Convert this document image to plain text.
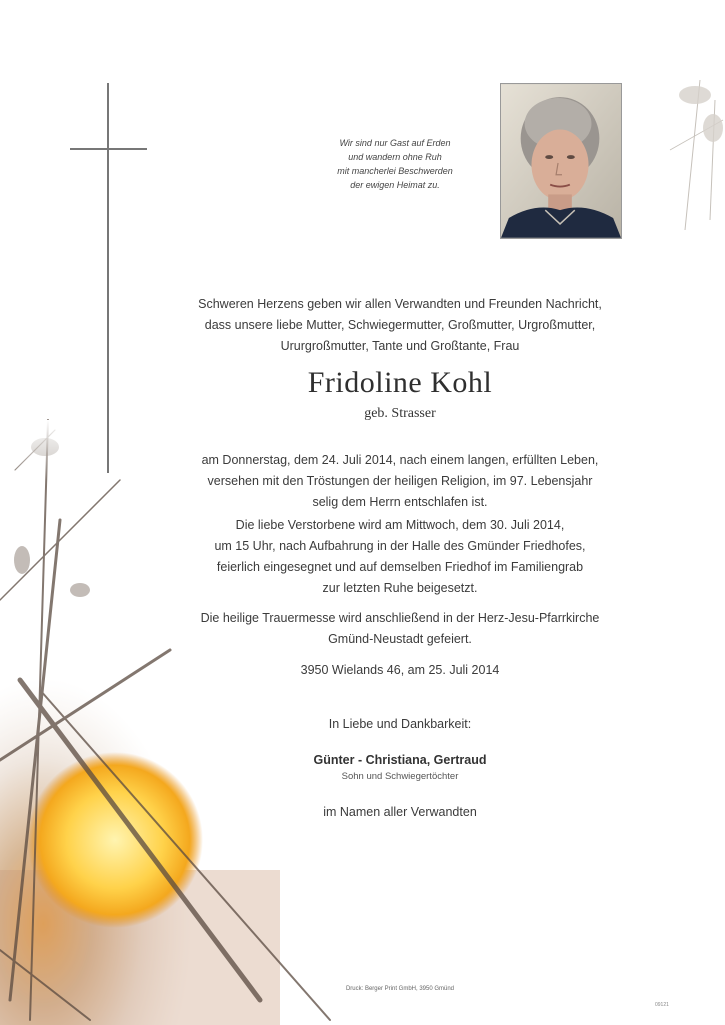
Wir sind nur Gast auf Erden
und wandern ohne Ruh
mit mancherlei Beschwerden
der ewigen Heimat zu.
Schweren Herzens geben wir allen Verwandten und Freunden Nachricht,
dass unsere liebe Mutter, Schwiegermutter, Großmutter, Urgroßmutter,
Ururgroßmutter, Tante und Großtante, Frau
Fridoline Kohl
geb. Strasser
am Donnerstag, dem 24. Juli 2014, nach einem langen, erfüllten Leben,
versehen mit den Tröstungen der heiligen Religion, im 97. Lebensjahr
selig dem Herrn entschlafen ist.
Die liebe Verstorbene wird am Mittwoch, dem 30. Juli 2014,
um 15 Uhr, nach Aufbahrung in der Halle des Gmünder Friedhofes,
feierlich eingesegnet und auf demselben Friedhof im Familiengrab
zur letzten Ruhe beigesetzt.
Die heilige Trauermesse wird anschließend in der Herz-Jesu-Pfarrkirche
Gmünd-Neustadt gefeiert.
3950 Wielands 46, am 25. Juli 2014
In Liebe und Dankbarkeit:
Günter - Christiana, Gertraud
Sohn und Schwiegertöchter
im Namen aller Verwandten
Druck: Berger Print GmbH, 3950 Gmünd
09121
